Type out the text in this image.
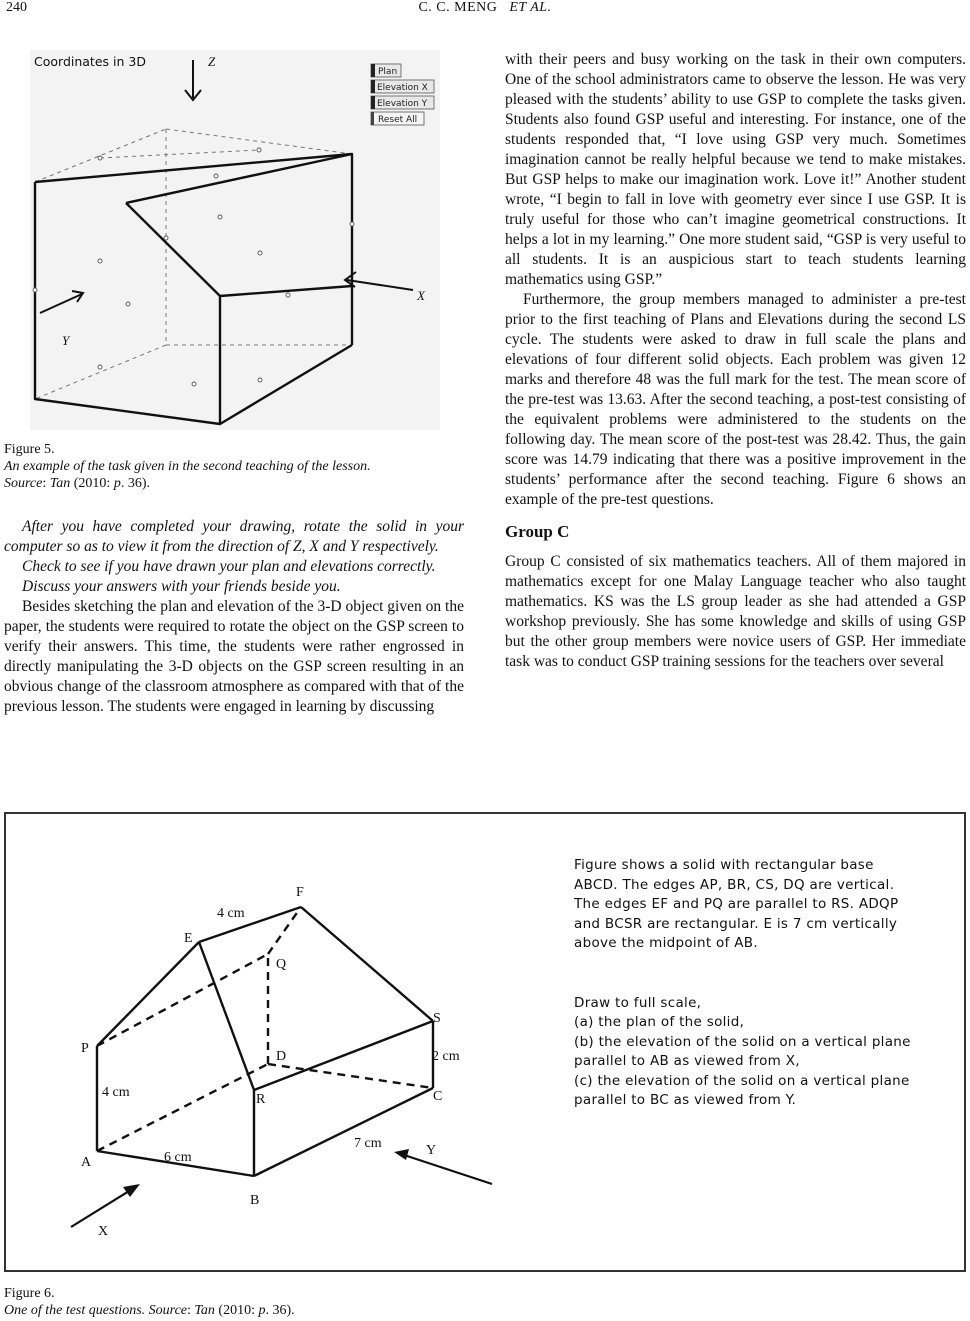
240	C. C. MENG ET AL.
Coordinates in 3D	Z
Plan
Elevation X
Elevation Y
Reset All
X
Y
Figure 5.
An example of the task given in the second teaching of the lesson.
Source: Tan (2010: p. 36).

After you have completed your drawing, rotate the solid in your computer so as to view it from the direction of Z, X and Y respectively.

Check to see if you have drawn your plan and elevations correctly.

Discuss your answers with your friends beside you.

Besides sketching the plan and elevation of the 3-D object given on the paper, the students were required to rotate the object on the GSP screen to verify their answers. This time, the students were rather engrossed in directly manipulating the 3-D objects on the GSP screen resulting in an obvious change of the classroom atmosphere as compared with that of the previous lesson. The students were engaged in learning by discussing

with their peers and busy working on the task in their own computers. One of the school administrators came to observe the lesson. He was very pleased with the students’ ability to use GSP to complete the tasks given. Students also found GSP useful and interesting. For instance, one of the students responded that, “I love using GSP very much. Sometimes imagination cannot be really helpful because we tend to make mistakes. But GSP helps to make our imagination work. Love it!” Another student wrote, “I begin to fall in love with geometry ever since I use GSP. It is truly useful for those who can’t imagine geometrical constructions. It helps a lot in my learning.” One more student said, “GSP is very useful to all students. It is an auspicious start to teach students learning mathematics using GSP.”

Furthermore, the group members managed to administer a pre-test prior to the first teaching of Plans and Elevations during the second LS cycle. The students were asked to draw in full scale the plans and elevations of four different solid objects. Each problem was given 12 marks and therefore 48 was the full mark for the test. The mean score of the pre-test was 13.63. After the second teaching, a post-test consisting of the equivalent problems were administered to the students on the following day. The mean score of the post-test was 28.42. Thus, the gain score was 14.79 indicating that there was a positive improvement in the students’ performance after the second teaching. Figure 6 shows an example of the pre-test questions.

Group C

Group C consisted of six mathematics teachers. All of them majored in mathematics except for one Malay Language teacher who also taught mathematics. KS was the LS group leader as she had attended a GSP workshop previously. She has some knowledge and skills of using GSP but the other group members were novice users of GSP. Her immediate task was to conduct GSP training sessions for the teachers over several

A
B
C
D
E
F
P
Q
R
S
4 cm
4 cm
6 cm
7 cm
2 cm
X
Y

Figure shows a solid with rectangular base

ABCD. The edges AP, BR, CS, DQ are vertical.

The edges EF and PQ are parallel to RS. ADQP

and BCSR are rectangular. E is 7 cm vertically

above the midpoint of AB.

Draw to full scale,

(a) the plan of the solid,

(b) the elevation of the solid on a vertical plane

parallel to AB as viewed from X,

(c) the elevation of the solid on a vertical plane

parallel to BC as viewed from Y.

Figure 6.
One of the test questions. Source: Tan (2010: p. 36).
